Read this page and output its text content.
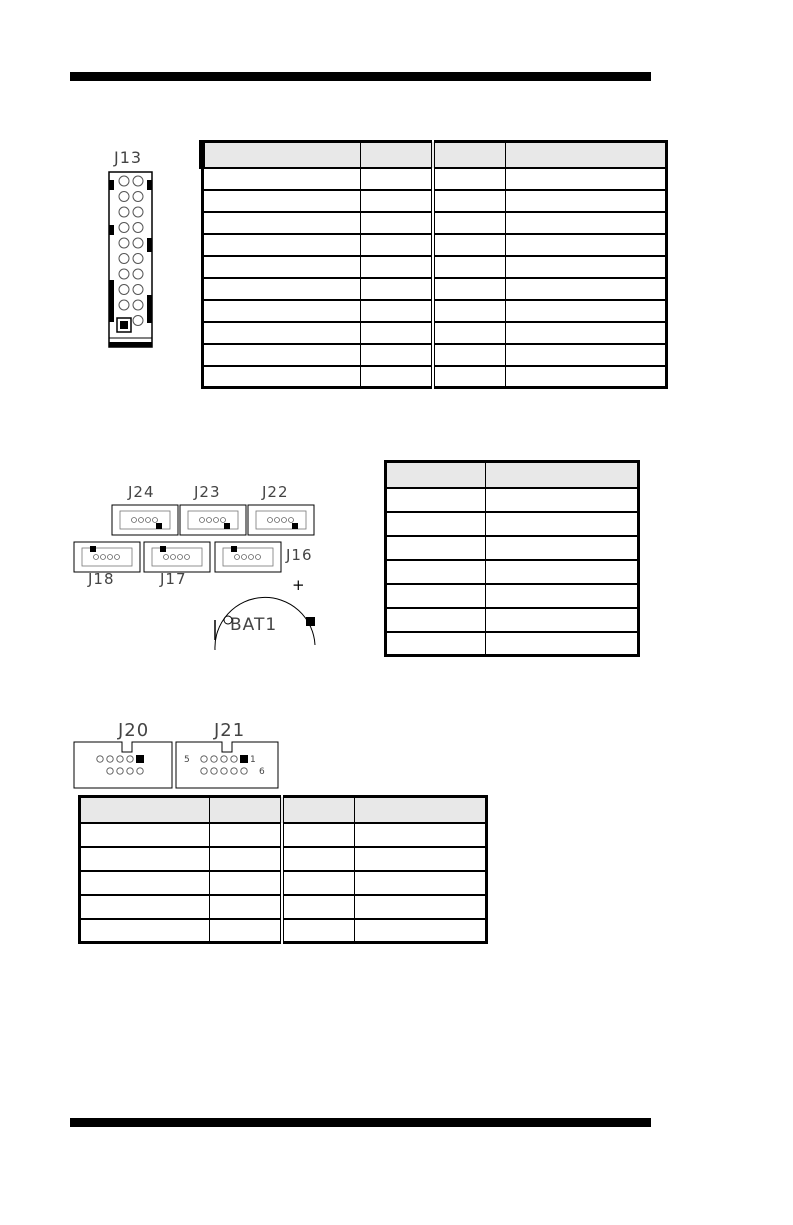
J13

J24	J23	J22
J18	J17
J16
BAT1
+

J20	J21
5	1
6
